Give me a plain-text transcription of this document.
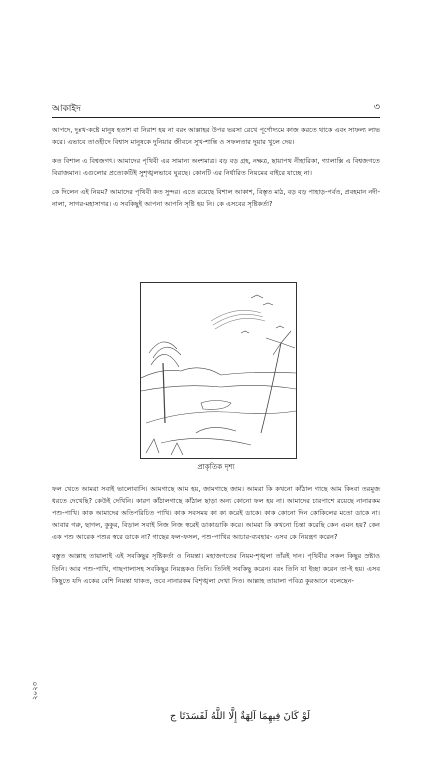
আকাইদ	৩

আপদে, দুঃখ-কষ্টে মানুষ হতাশ বা নিরাশ হয় না বরং আল্লাহর উপর ভরসা রেখে পূর্ণোদ্যমে কাজ করতে থাকে এবং সাফল্য লাভ করে। এভাবে তাওহীদে বিশ্বাস মানুষকে দুনিয়ার জীবনে সুখ-শান্তি ও সফলতার দুয়ার খুলে দেয়।

কত বিশাল এ বিশ্বজগৎ। আমাদের পৃথিবী এর সামান্য অংশমাত্র। বড় বড় গ্রহ, নক্ষত্র, ছায়াপথ নীহারিকা, গ্যালাক্সি এ বিশ্বজগতে বিরাজমান। এগুলোর প্রত্যেকটিই সুশৃঙ্খলভাবে ঘুরছে। কোনটি এর নির্ধারিত নিয়মের বাইরে যাচ্ছে না।

কে দিলেন এই নিয়ম? আমাদের পৃথিবী কত সুন্দর। এতে রয়েছে বিশাল আকাশ, বিস্তৃত মাঠ, বড় বড় পাহাড়-পর্বত, প্রবহমান নদী-নালা, সাগর-মহাসাগর। এ সবকিছুই আপনা আপনি সৃষ্টি হয় নি। কে এসবের সৃষ্টিকর্তা?

প্রাকৃতিক দৃশ্য

ফল খেতে আমরা সবাই ভালোবাসি। আমগাছে আম হয়, জামগাছে জাম। আমরা কি কখনো কাঁঠাল গাছে আম কিংবা তরমুজ ধরতে দেখেছি? কেউই দেখিনি। কারণ কাঁঠালগাছে কাঁঠাল ছাড়া অন্য কোনো ফল হয় না। আমাদের চারপাশে রয়েছে নানারকম পশু-পাখি। কাক আমাদের অতিপরিচিত পাখি। কাক সবসময় কা কা করেই ডাকে। কাক কোনো দিন কোকিলের মতো ডাকে না। আবার গরু, ছাগল, কুকুর, বিড়াল সবাই নিজ নিজ স্বরেই ডাকাডাকি করে। আমরা কি কখনো চিন্তা করেছি কেন এমন হয়? কেন এক পশু আরেক পশুর স্বরে ডাকে না? গাছের ফল-ফসল, পশু-পাখির আচার-ব্যবহার- এসব কে নিয়ন্ত্রণ করেন?

বস্তুত আল্লাহ তায়ালাই এই সবকিছুর সৃষ্টিকর্তা ও নিয়ন্তা। মহাজগতের নিয়ম-শৃঙ্খলা তাঁরই দান। পৃথিবীর সকল কিছুর স্রষ্টাও তিনি। আর পশু-পাখি, গাছপালাসহ সবকিছুর নিয়ন্ত্রকও তিনি। তিনিই সবকিছু করেন। বরং তিনি যা ইচ্ছা করেন তা-ই হয়। এসব কিছুতে যদি একের বেশি নিয়ন্তা থাকত, তবে নানারকম বিশৃঙ্খলা দেখা দিত। আল্লাহ তায়ালা পবিত্র কুরআনে বলেছেন-

لَوْ كَانَ فِيهِمَا آلِهَةٌ إِلَّا اللَّهُ لَفَسَدَتَا ج
২০২৩
